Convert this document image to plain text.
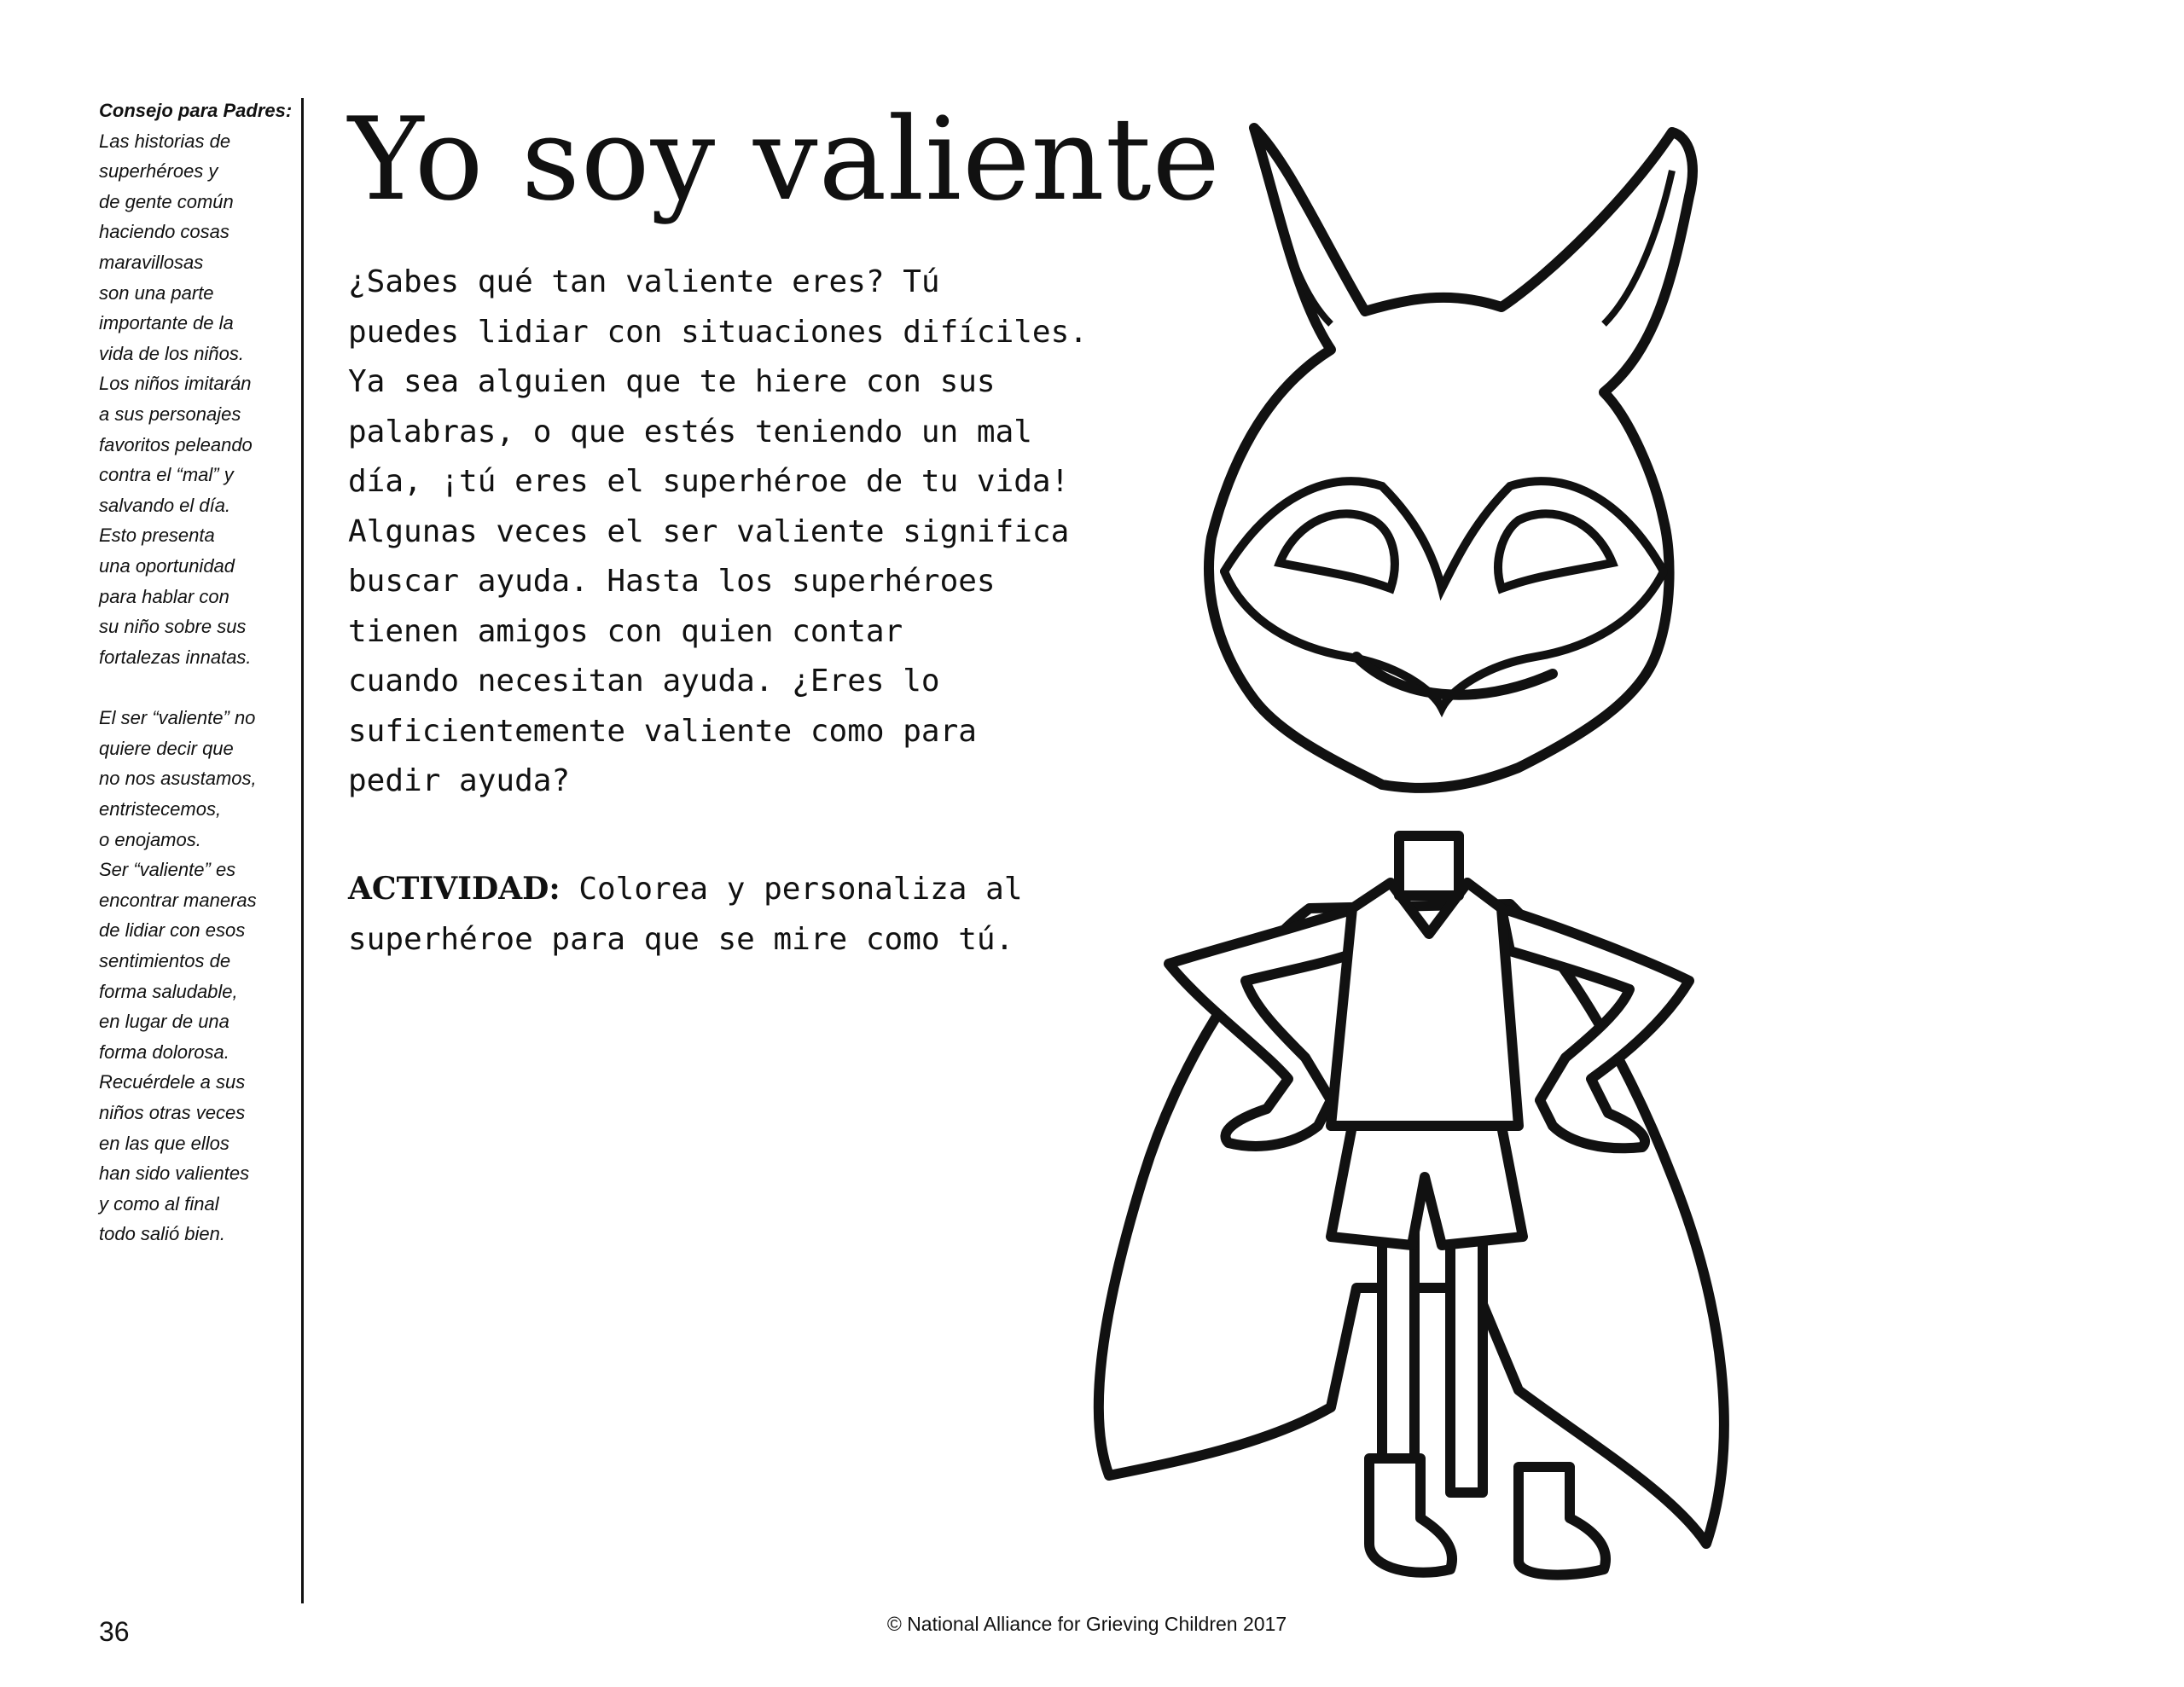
Consejo para Padres:

Las historias de
superhéroes y
de gente común
haciendo cosas
maravillosas
son una parte
importante de la
vida de los niños.
Los niños imitarán
a sus personajes
favoritos peleando
contra el “mal” y
salvando el día.
Esto presenta
una oportunidad
para hablar con
su niño sobre sus
fortalezas innatas.
El ser “valiente” no
quiere decir que
no nos asustamos,
entristecemos,
o enojamos.
Ser “valiente” es
encontrar maneras
de lidiar con esos
sentimientos de
forma saludable,
en lugar de una
forma dolorosa.
Recuérdele a sus
niños otras veces
en las que ellos
han sido valientes
y como al final
todo salió bien.
Yo soy valiente
¿Sabes qué tan valiente eres? Tú
puedes lidiar con situaciones difíciles.
Ya sea alguien que te hiere con sus
palabras, o que estés teniendo un mal
día, ¡tú eres el superhéroe de tu vida!
Algunas veces el ser valiente significa
buscar ayuda. Hasta los superhéroes
tienen amigos con quien contar
cuando necesitan ayuda. ¿Eres lo
suficientemente valiente como para
pedir ayuda?
ACTIVIDAD: Colorea y personaliza al
superhéroe para que se mire como tú.
36	© National Alliance for Grieving Children 2017
